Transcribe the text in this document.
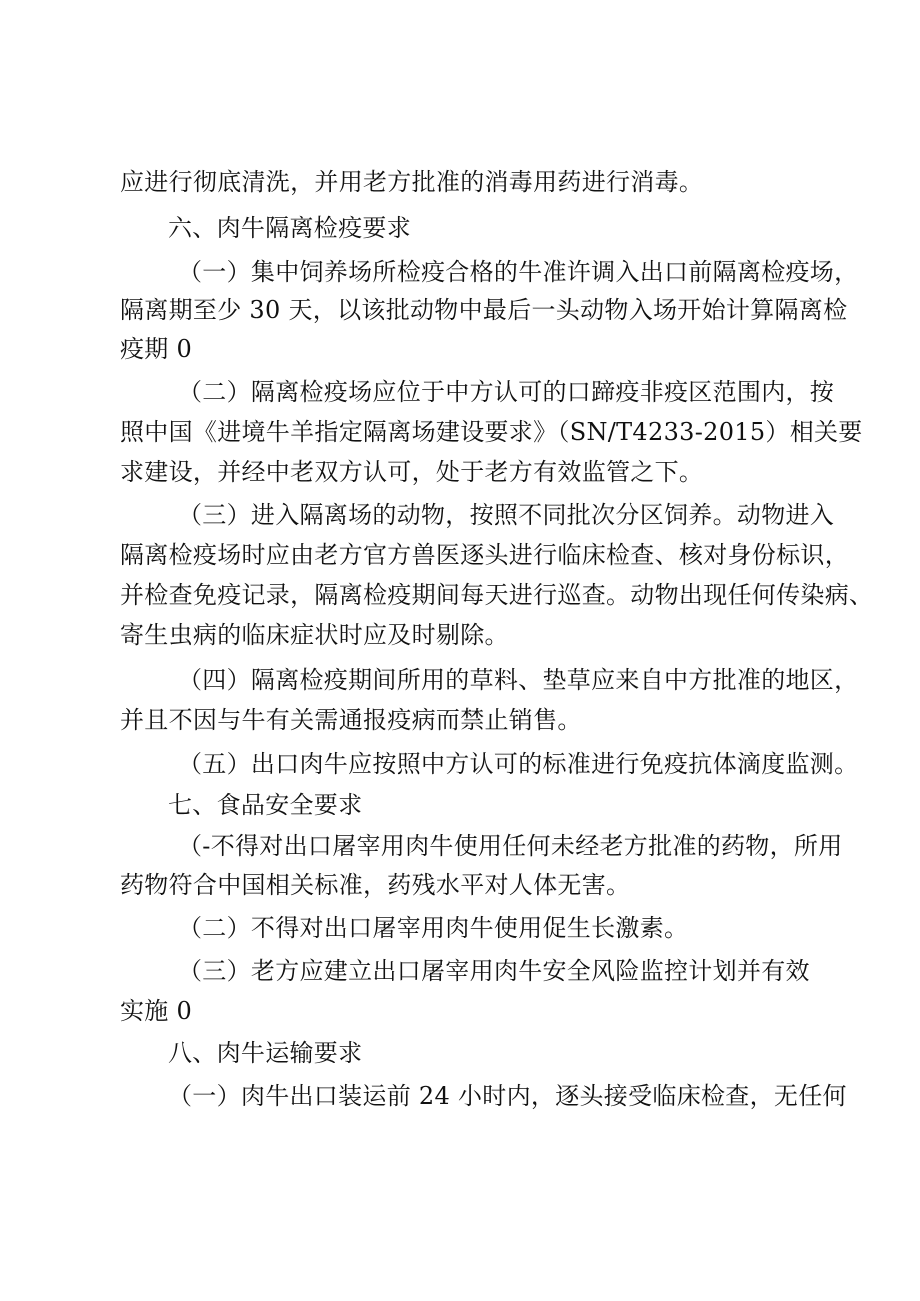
应进行彻底清洗，并用老方批准的消毒用药进行消毒。
六、肉牛隔离检疫要求
（一）集中饲养场所检疫合格的牛准许调入出口前隔离检疫场，
隔离期至少 30 天，以该批动物中最后一头动物入场开始计算隔离检
疫期 0
（二）隔离检疫场应位于中方认可的口蹄疫非疫区范围内，按
照中国《进境牛羊指定隔离场建设要求》（SN/T4233-2015）相关要
求建设，并经中老双方认可，处于老方有效监管之下。
（三）进入隔离场的动物，按照不同批次分区饲养。动物进入
隔离检疫场时应由老方官方兽医逐头进行临床检查、核对身份标识，
并检查免疫记录，隔离检疫期间每天进行巡查。动物出现任何传染病、
寄生虫病的临床症状时应及时剔除。
（四）隔离检疫期间所用的草料、垫草应来自中方批准的地区，
并且不因与牛有关需通报疫病而禁止销售。
（五）出口肉牛应按照中方认可的标准进行免疫抗体滴度监测。
七、食品安全要求
（-不得对出口屠宰用肉牛使用任何未经老方批准的药物，所用
药物符合中国相关标准，药残水平对人体无害。
（二）不得对出口屠宰用肉牛使用促生长激素。
（三）老方应建立出口屠宰用肉牛安全风险监控计划并有效
实施 0
八、肉牛运输要求
（一）肉牛出口装运前 24 小时内，逐头接受临床检查，无任何
